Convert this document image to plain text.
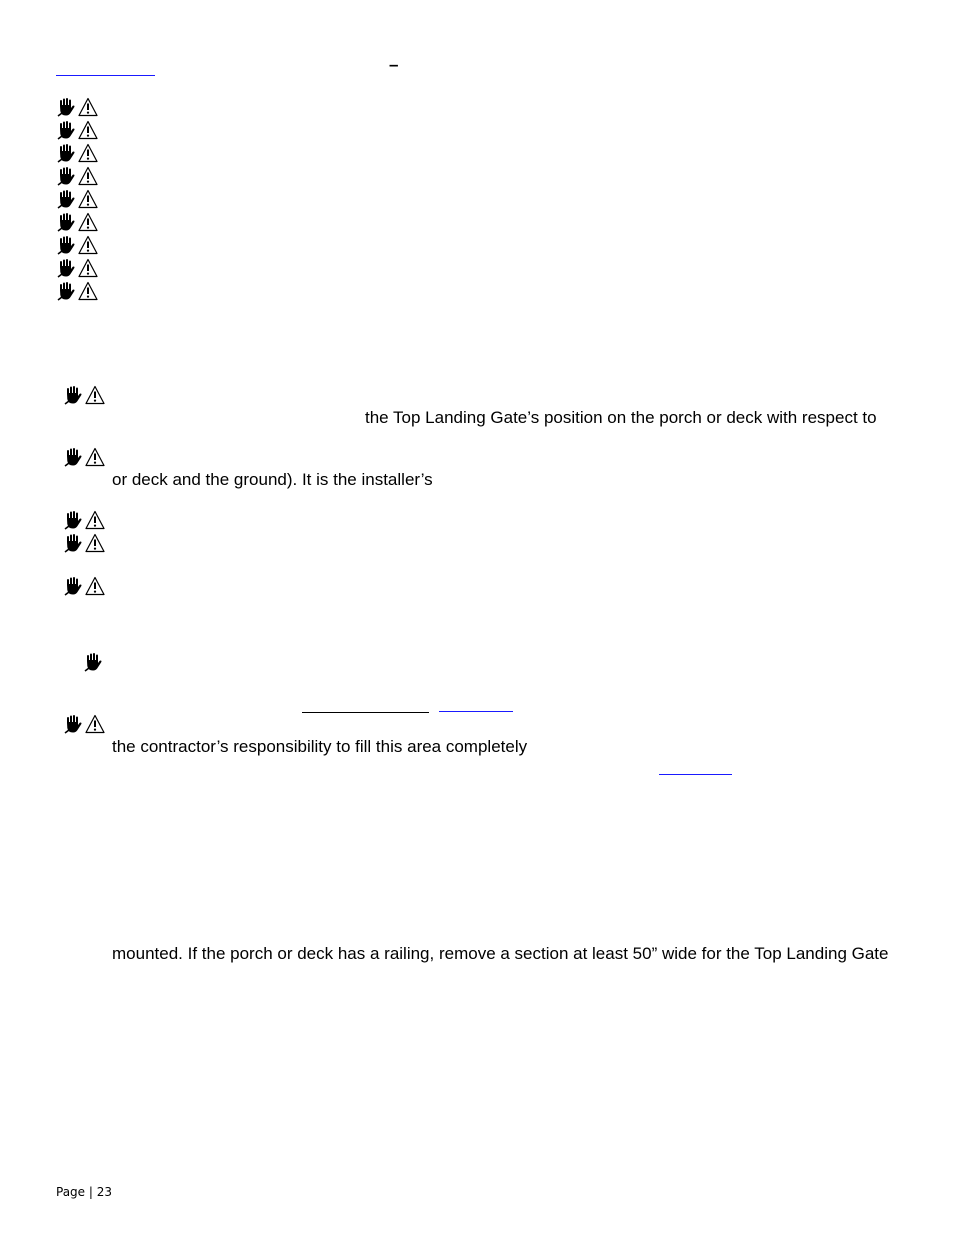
–
the Top Landing Gate’s position on the porch or deck with respect to
or deck and the ground). It is the installer’s
the contractor’s responsibility to fill this area completely
mounted. If the porch or deck has a railing, remove a section at least 50” wide for the Top Landing Gate
Page | 23
